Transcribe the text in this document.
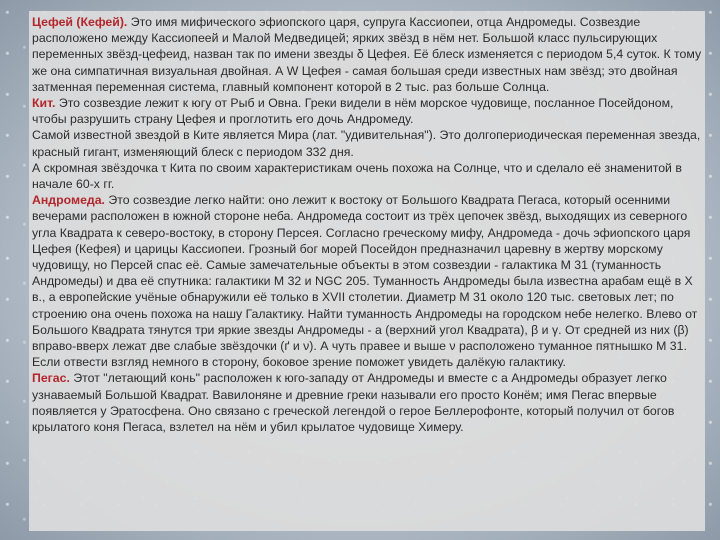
Цефей (Кефей). Это имя мифического эфиопского царя, супруга Кассиопеи, отца Андромеды. Созвездие расположено между Кассиопеей и Малой Медведицей; ярких звёзд в нём нет. Большой класс пульсирующих переменных звёзд-цефеид, назван так по имени звезды δ Цефея. Её блеск изменяется с периодом 5,4 суток. К тому же она симпатичная визуальная двойная. А W Цефея - самая большая среди известных нам звёзд; это двойная затменная переменная система, главный компонент которой в 2 тыс. раз больше Солнца.

Кит. Это созвездие лежит к югу от Рыб и Овна. Греки видели в нём морское чудовище, посланное Посейдоном, чтобы разрушить страну Цефея и проглотить его дочь Андромеду.

Самой известной звездой в Ките является Мира (лат. "удивительная"). Это долгопериодическая переменная звезда, красный гигант, изменяющий блеск с периодом 332 дня.

А скромная звёздочка τ Кита по своим характеристикам очень похожа на Солнце, что и сделало её знаменитой в начале 60-х гг.

Андромеда. Это созвездие легко найти: оно лежит к востоку от Большого Квадрата Пегаса, который осенними вечерами расположен в южной стороне неба. Андромеда состоит из трёх цепочек звёзд, выходящих из северного угла Квадрата к северо-востоку, в сторону Персея. Согласно греческому мифу, Андромеда - дочь эфиопского царя Цефея (Кефея) и царицы Кассиопеи. Грозный бог морей Посейдон предназначил царевну в жертву морскому чудовищу, но Персей спас её. Самые замечательные объекты в этом созвездии - галактика М 31 (туманность Андромеды) и два её спутника: галактики М 32 и NGC 205. Туманность Андромеды была известна арабам ещё в X в., а европейские учёные обнаружили её только в XVII столетии. Диаметр М 31 около 120 тыс. световых лет; по строению она очень похожа на нашу Галактику. Найти туманность Андромеды на городском небе нелегко. Влево от Большого Квадрата тянутся три яркие звезды Андромеды - а (верхний угол Квадрата), β и γ. От средней из них (β) вправо-вверх лежат две слабые звёздочки (ґ и ν). А чуть правее и выше ν расположено туманное пятнышко М 31. Если отвести взгляд немного в сторону, боковое зрение поможет увидеть далёкую галактику.

Пегас. Этот "летающий конь" расположен к юго-западу от Андромеды и вместе с а Андромеды образует легко узнаваемый Большой Квадрат. Вавилоняне и древние греки называли его просто Конём; имя Пегас впервые появляется у Эратосфена. Оно связано с греческой легендой о герое Беллерофонте, который получил от богов крылатого коня Пегаса, взлетел на нём и убил крылатое чудовище Химеру.
